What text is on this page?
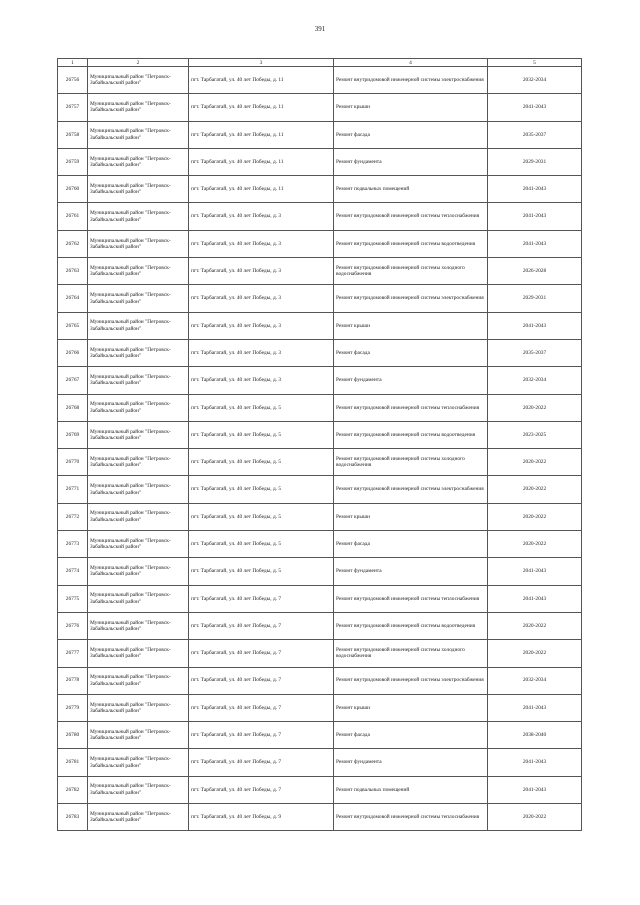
391
1	2	3	4	5
26756	Муниципальный район "Петровск-Забайкальский район"	пгт. Тарбагатай, ул. 40 лет Победы, д. 11	Ремонт внутридомовой инженерной системы электроснабжения	2032-2034
26757	Муниципальный район "Петровск-Забайкальский район"	пгт. Тарбагатай, ул. 40 лет Победы, д. 11	Ремонт крыши	2041-2043
26758	Муниципальный район "Петровск-Забайкальский район"	пгт. Тарбагатай, ул. 40 лет Победы, д. 11	Ремонт фасада	2035-2037
26759	Муниципальный район "Петровск-Забайкальский район"	пгт. Тарбагатай, ул. 40 лет Победы, д. 11	Ремонт фундамента	2029-2031
26760	Муниципальный район "Петровск-Забайкальский район"	пгт. Тарбагатай, ул. 40 лет Победы, д. 11	Ремонт подвальных помещений	2041-2043
26761	Муниципальный район "Петровск-Забайкальский район"	пгт. Тарбагатай, ул. 40 лет Победы, д. 3	Ремонт внутридомовой инженерной системы теплоснабжения	2041-2043
26762	Муниципальный район "Петровск-Забайкальский район"	пгт. Тарбагатай, ул. 40 лет Победы, д. 3	Ремонт внутридомовой инженерной системы водоотведения	2041-2043
26763	Муниципальный район "Петровск-Забайкальский район"	пгт. Тарбагатай, ул. 40 лет Победы, д. 3	Ремонт внутридомовой инженерной системы холодного водоснабжения	2026-2028
26764	Муниципальный район "Петровск-Забайкальский район"	пгт. Тарбагатай, ул. 40 лет Победы, д. 3	Ремонт внутридомовой инженерной системы электроснабжения	2029-2031
26765	Муниципальный район "Петровск-Забайкальский район"	пгт. Тарбагатай, ул. 40 лет Победы, д. 3	Ремонт крыши	2041-2043
26766	Муниципальный район "Петровск-Забайкальский район"	пгт. Тарбагатай, ул. 40 лет Победы, д. 3	Ремонт фасада	2035-2037
26767	Муниципальный район "Петровск-Забайкальский район"	пгт. Тарбагатай, ул. 40 лет Победы, д. 3	Ремонт фундамента	2032-2034
26768	Муниципальный район "Петровск-Забайкальский район"	пгт. Тарбагатай, ул. 40 лет Победы, д. 5	Ремонт внутридомовой инженерной системы теплоснабжения	2020-2022
26769	Муниципальный район "Петровск-Забайкальский район"	пгт. Тарбагатай, ул. 40 лет Победы, д. 5	Ремонт внутридомовой инженерной системы водоотведения	2023-2025
26770	Муниципальный район "Петровск-Забайкальский район"	пгт. Тарбагатай, ул. 40 лет Победы, д. 5	Ремонт внутридомовой инженерной системы холодного водоснабжения	2020-2022
26771	Муниципальный район "Петровск-Забайкальский район"	пгт. Тарбагатай, ул. 40 лет Победы, д. 5	Ремонт внутридомовой инженерной системы электроснабжения	2020-2022
26772	Муниципальный район "Петровск-Забайкальский район"	пгт. Тарбагатай, ул. 40 лет Победы, д. 5	Ремонт крыши	2020-2022
26773	Муниципальный район "Петровск-Забайкальский район"	пгт. Тарбагатай, ул. 40 лет Победы, д. 5	Ремонт фасада	2020-2022
26774	Муниципальный район "Петровск-Забайкальский район"	пгт. Тарбагатай, ул. 40 лет Победы, д. 5	Ремонт фундамента	2041-2043
26775	Муниципальный район "Петровск-Забайкальский район"	пгт. Тарбагатай, ул. 40 лет Победы, д. 7	Ремонт внутридомовой инженерной системы теплоснабжения	2041-2043
26776	Муниципальный район "Петровск-Забайкальский район"	пгт. Тарбагатай, ул. 40 лет Победы, д. 7	Ремонт внутридомовой инженерной системы водоотведения	2020-2022
26777	Муниципальный район "Петровск-Забайкальский район"	пгт. Тарбагатай, ул. 40 лет Победы, д. 7	Ремонт внутридомовой инженерной системы холодного водоснабжения	2020-2022
26778	Муниципальный район "Петровск-Забайкальский район"	пгт. Тарбагатай, ул. 40 лет Победы, д. 7	Ремонт внутридомовой инженерной системы электроснабжения	2032-2034
26779	Муниципальный район "Петровск-Забайкальский район"	пгт. Тарбагатай, ул. 40 лет Победы, д. 7	Ремонт крыши	2041-2043
26780	Муниципальный район "Петровск-Забайкальский район"	пгт. Тарбагатай, ул. 40 лет Победы, д. 7	Ремонт фасада	2038-2040
26781	Муниципальный район "Петровск-Забайкальский район"	пгт. Тарбагатай, ул. 40 лет Победы, д. 7	Ремонт фундамента	2041-2043
26782	Муниципальный район "Петровск-Забайкальский район"	пгт. Тарбагатай, ул. 40 лет Победы, д. 7	Ремонт подвальных помещений	2041-2043
26783	Муниципальный район "Петровск-Забайкальский район"	пгт. Тарбагатай, ул. 40 лет Победы, д. 9	Ремонт внутридомовой инженерной системы теплоснабжения	2020-2022
